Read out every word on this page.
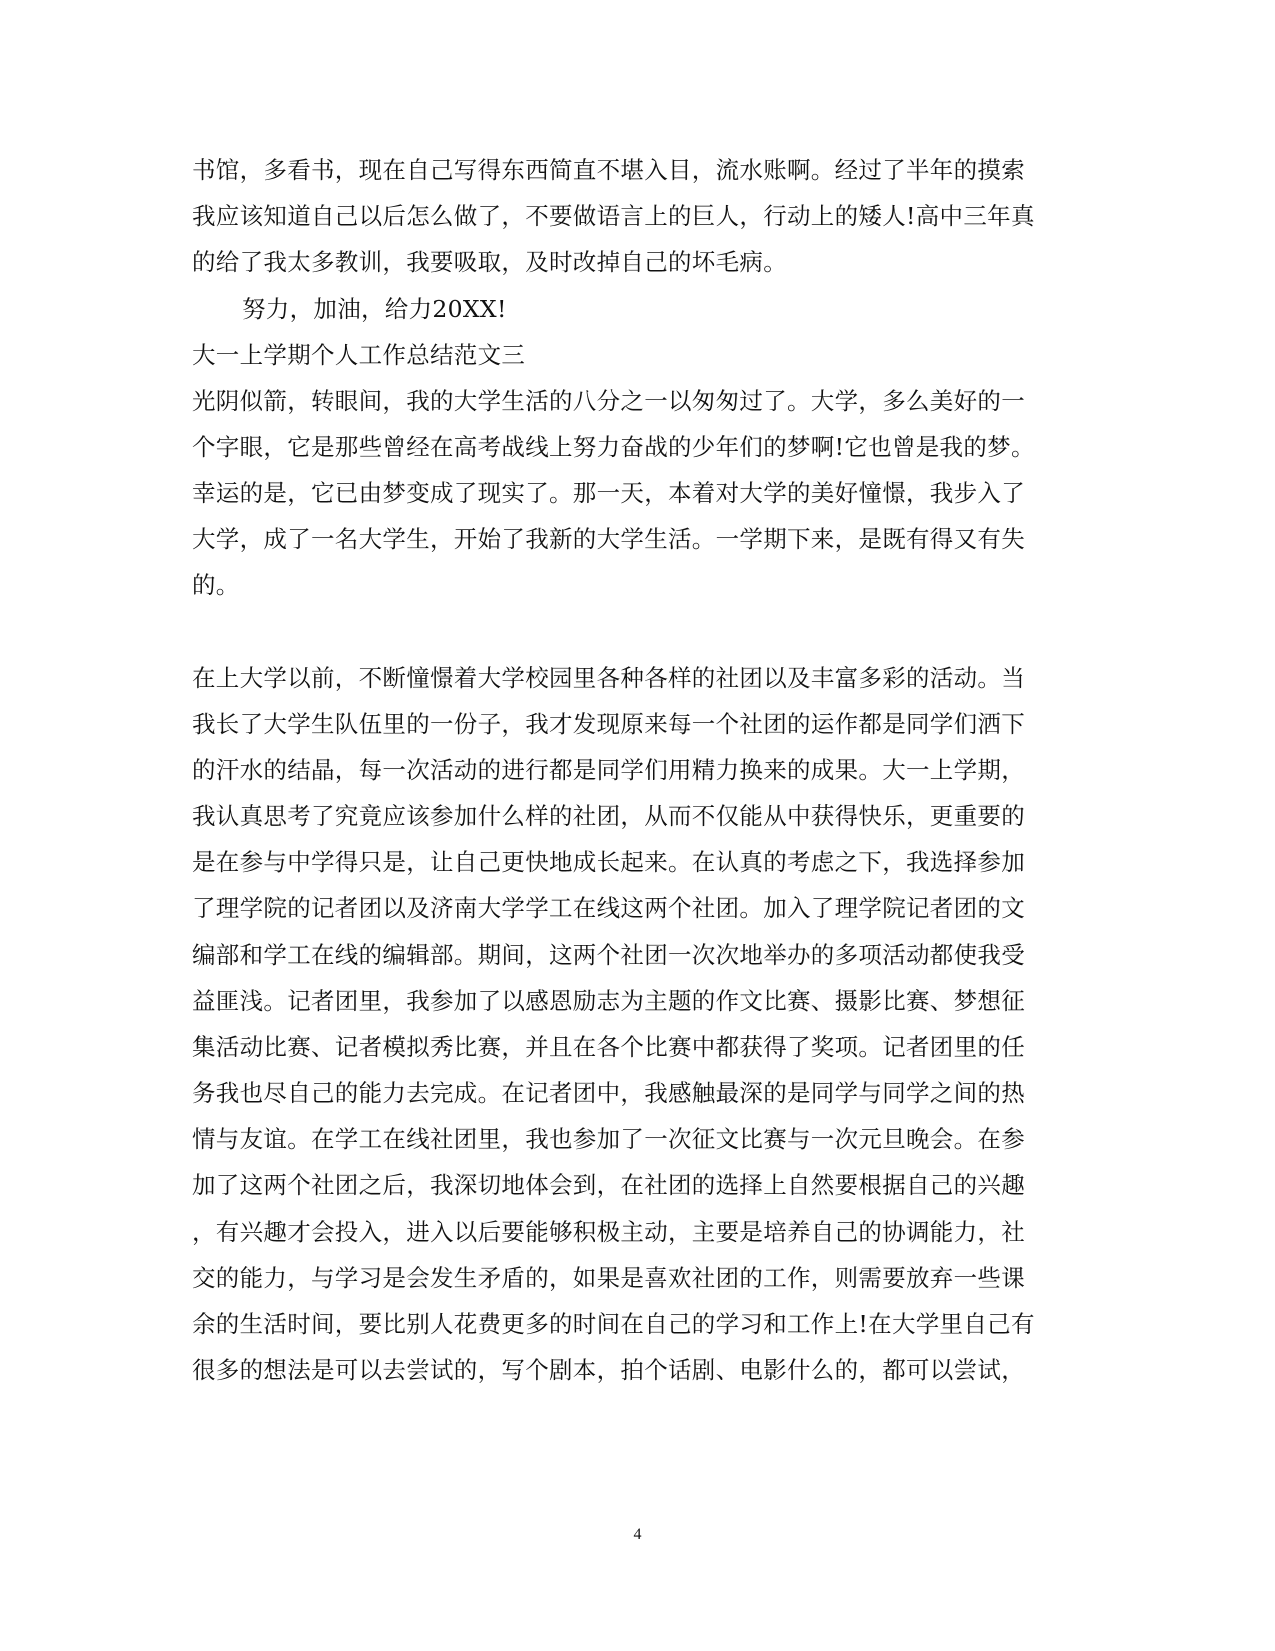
书馆，多看书，现在自己写得东西简直不堪入目，流水账啊。经过了半年的摸索

我应该知道自己以后怎么做了，不要做语言上的巨人，行动上的矮人!高中三年真

的给了我太多教训，我要吸取，及时改掉自己的坏毛病。

努力，加油，给力20XX!

大一上学期个人工作总结范文三

光阴似箭，转眼间，我的大学生活的八分之一以匆匆过了。大学，多么美好的一

个字眼，它是那些曾经在高考战线上努力奋战的少年们的梦啊!它也曾是我的梦。

幸运的是，它已由梦变成了现实了。那一天，本着对大学的美好憧憬，我步入了

大学，成了一名大学生，开始了我新的大学生活。一学期下来，是既有得又有失

的。

在上大学以前，不断憧憬着大学校园里各种各样的社团以及丰富多彩的活动。当

我长了大学生队伍里的一份子，我才发现原来每一个社团的运作都是同学们洒下

的汗水的结晶，每一次活动的进行都是同学们用精力换来的成果。大一上学期，

我认真思考了究竟应该参加什么样的社团，从而不仅能从中获得快乐，更重要的

是在参与中学得只是，让自己更快地成长起来。在认真的考虑之下，我选择参加

了理学院的记者团以及济南大学学工在线这两个社团。加入了理学院记者团的文

编部和学工在线的编辑部。期间，这两个社团一次次地举办的多项活动都使我受

益匪浅。记者团里，我参加了以感恩励志为主题的作文比赛、摄影比赛、梦想征

集活动比赛、记者模拟秀比赛，并且在各个比赛中都获得了奖项。记者团里的任

务我也尽自己的能力去完成。在记者团中，我感触最深的是同学与同学之间的热

情与友谊。在学工在线社团里，我也参加了一次征文比赛与一次元旦晚会。在参

加了这两个社团之后，我深切地体会到，在社团的选择上自然要根据自己的兴趣

，有兴趣才会投入，进入以后要能够积极主动，主要是培养自己的协调能力，社

交的能力，与学习是会发生矛盾的，如果是喜欢社团的工作，则需要放弃一些课

余的生活时间，要比别人花费更多的时间在自己的学习和工作上!在大学里自己有

很多的想法是可以去尝试的，写个剧本，拍个话剧、电影什么的，都可以尝试，

4
